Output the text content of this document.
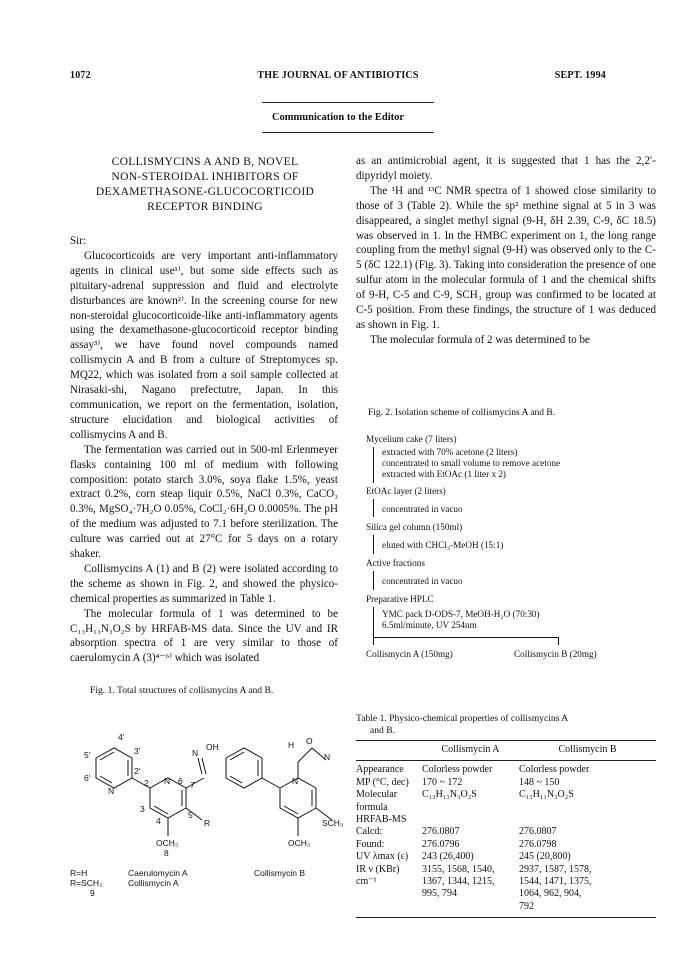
1072	THE JOURNAL OF ANTIBIOTICS	SEPT. 1994
Communication to the Editor
COLLISMYCINS A AND B, NOVEL
NON-STEROIDAL INHIBITORS OF
DEXAMETHASONE-GLUCOCORTICOID
RECEPTOR BINDING

Sir:

Glucocorticoids are very important anti-inflammatory agents in clinical use¹⁾, but some side effects such as pituitary-adrenal suppression and fluid and electrolyte disturbances are known²⁾. In the screening course for new non-steroidal glucocorticoide-like anti-inflammatory agents using the dexamethasone-glucocorticoid receptor binding assay³⁾, we have found novel compounds named collismycin A and B from a culture of Streptomyces sp. MQ22, which was isolated from a soil sample collected at Nirasaki-shi, Nagano prefectutre, Japan. In this communication, we report on the fermentation, isolation, structure elucidation and biological activities of collismycins A and B.

The fermentation was carried out in 500-ml Erlenmeyer flasks containing 100 ml of medium with following composition: potato starch 3.0%, soya flake 1.5%, yeast extract 0.2%, corn steap liquir 0.5%, NaCl 0.3%, CaCO₃ 0.3%, MgSO₄·7H₂O 0.05%, CoCl₂·6H₂O 0.0005%. The pH of the medium was adjusted to 7.1 before sterilization. The culture was carried out at 27°C for 5 days on a rotary shaker.

Collismycins A (1) and B (2) were isolated according to the scheme as shown in Fig. 2, and showed the physico-chemical properties as summarized in Table 1.

The molecular formula of 1 was determined to be C₁₃H₁₃N₃O₂S by HRFAB-MS data. Since the UV and IR absorption spectra of 1 are very similar to those of caerulomycin A (3)⁴⁻⁶⁾ which was isolated

as an antimicrobial agent, it is suggested that 1 has the 2,2′-dipyridyl moiety.

The ¹H and ¹³C NMR spectra of 1 showed close similarity to those of 3 (Table 2). While the sp² methine signal at 5 in 3 was disappeared, a singlet methyl signal (9-H, δH 2.39, C-9, δC 18.5) was observed in 1. In the HMBC experiment on 1, the long range coupling from the methyl signal (9-H) was observed only to the C-5 (δC 122.1) (Fig. 3). Taking into consideration the presence of one sulfur atom in the molecular formula of 1 and the chemical shifts of 9-H, C-5 and C-9, SCH₃ group was confirmed to be located at C-5 position. From these findings, the structure of 1 was deduced as shown in Fig. 1.

The molecular formula of 2 was determined to be

Fig. 2. Isolation scheme of collismycins A and B.
Mycelium cake (7 liters)
extracted with 70% acetone (2 liters)
concentrated to small volume to remove acetone
extracted with EtOAc (1 liter x 2)
EtOAc layer (2 liters)
concentrated in vacuo
Silica gel column (150ml)
eluted with CHCl₃-MeOH (15:1)
Active fractions
concentrated in vacuo
Preparative HPLC
YMC pack D-ODS-7, MeOH-H₂O (70:30)
6.5ml/minute, UV 254nm
Collismycin A (150mg)	Collismycin B (20mg)
Table 1. Physico-chemical properties of collismycins A
and B.
	Collismycin A	Collismycin B
Appearance	Colorless powder	Colorless powder
MP (°C, dec)	170 ~ 172	148 ~ 150
Molecular	C₁₃H₁₃N₃O₂S	C₁₃H₁₁N₃O₂S
formula		
HRFAB-MS		
Calcd:	276.0807	276.0807
Found:	276.0796	276.0798
UV λmax (ε)	243 (26,400)	245 (20,800)
IR ν (KBr)	3155, 1568, 1540,	2937, 1587, 1578,
cm⁻¹	1367, 1344, 1215,	1544, 1471, 1375,
	995, 794	1064, 962, 904,
		792
Fig. 1. Total structures of collismycins A and B.
4′
3′
5′
6′
2′
N
2 N 6 7
3
4
5
R
OCH₃
8
N
OH	H O
N
N
SCH₃
OCH₃
R=H
R=SCH₃
9
Caerulomycin A
Collismycin A
Collismycin B
